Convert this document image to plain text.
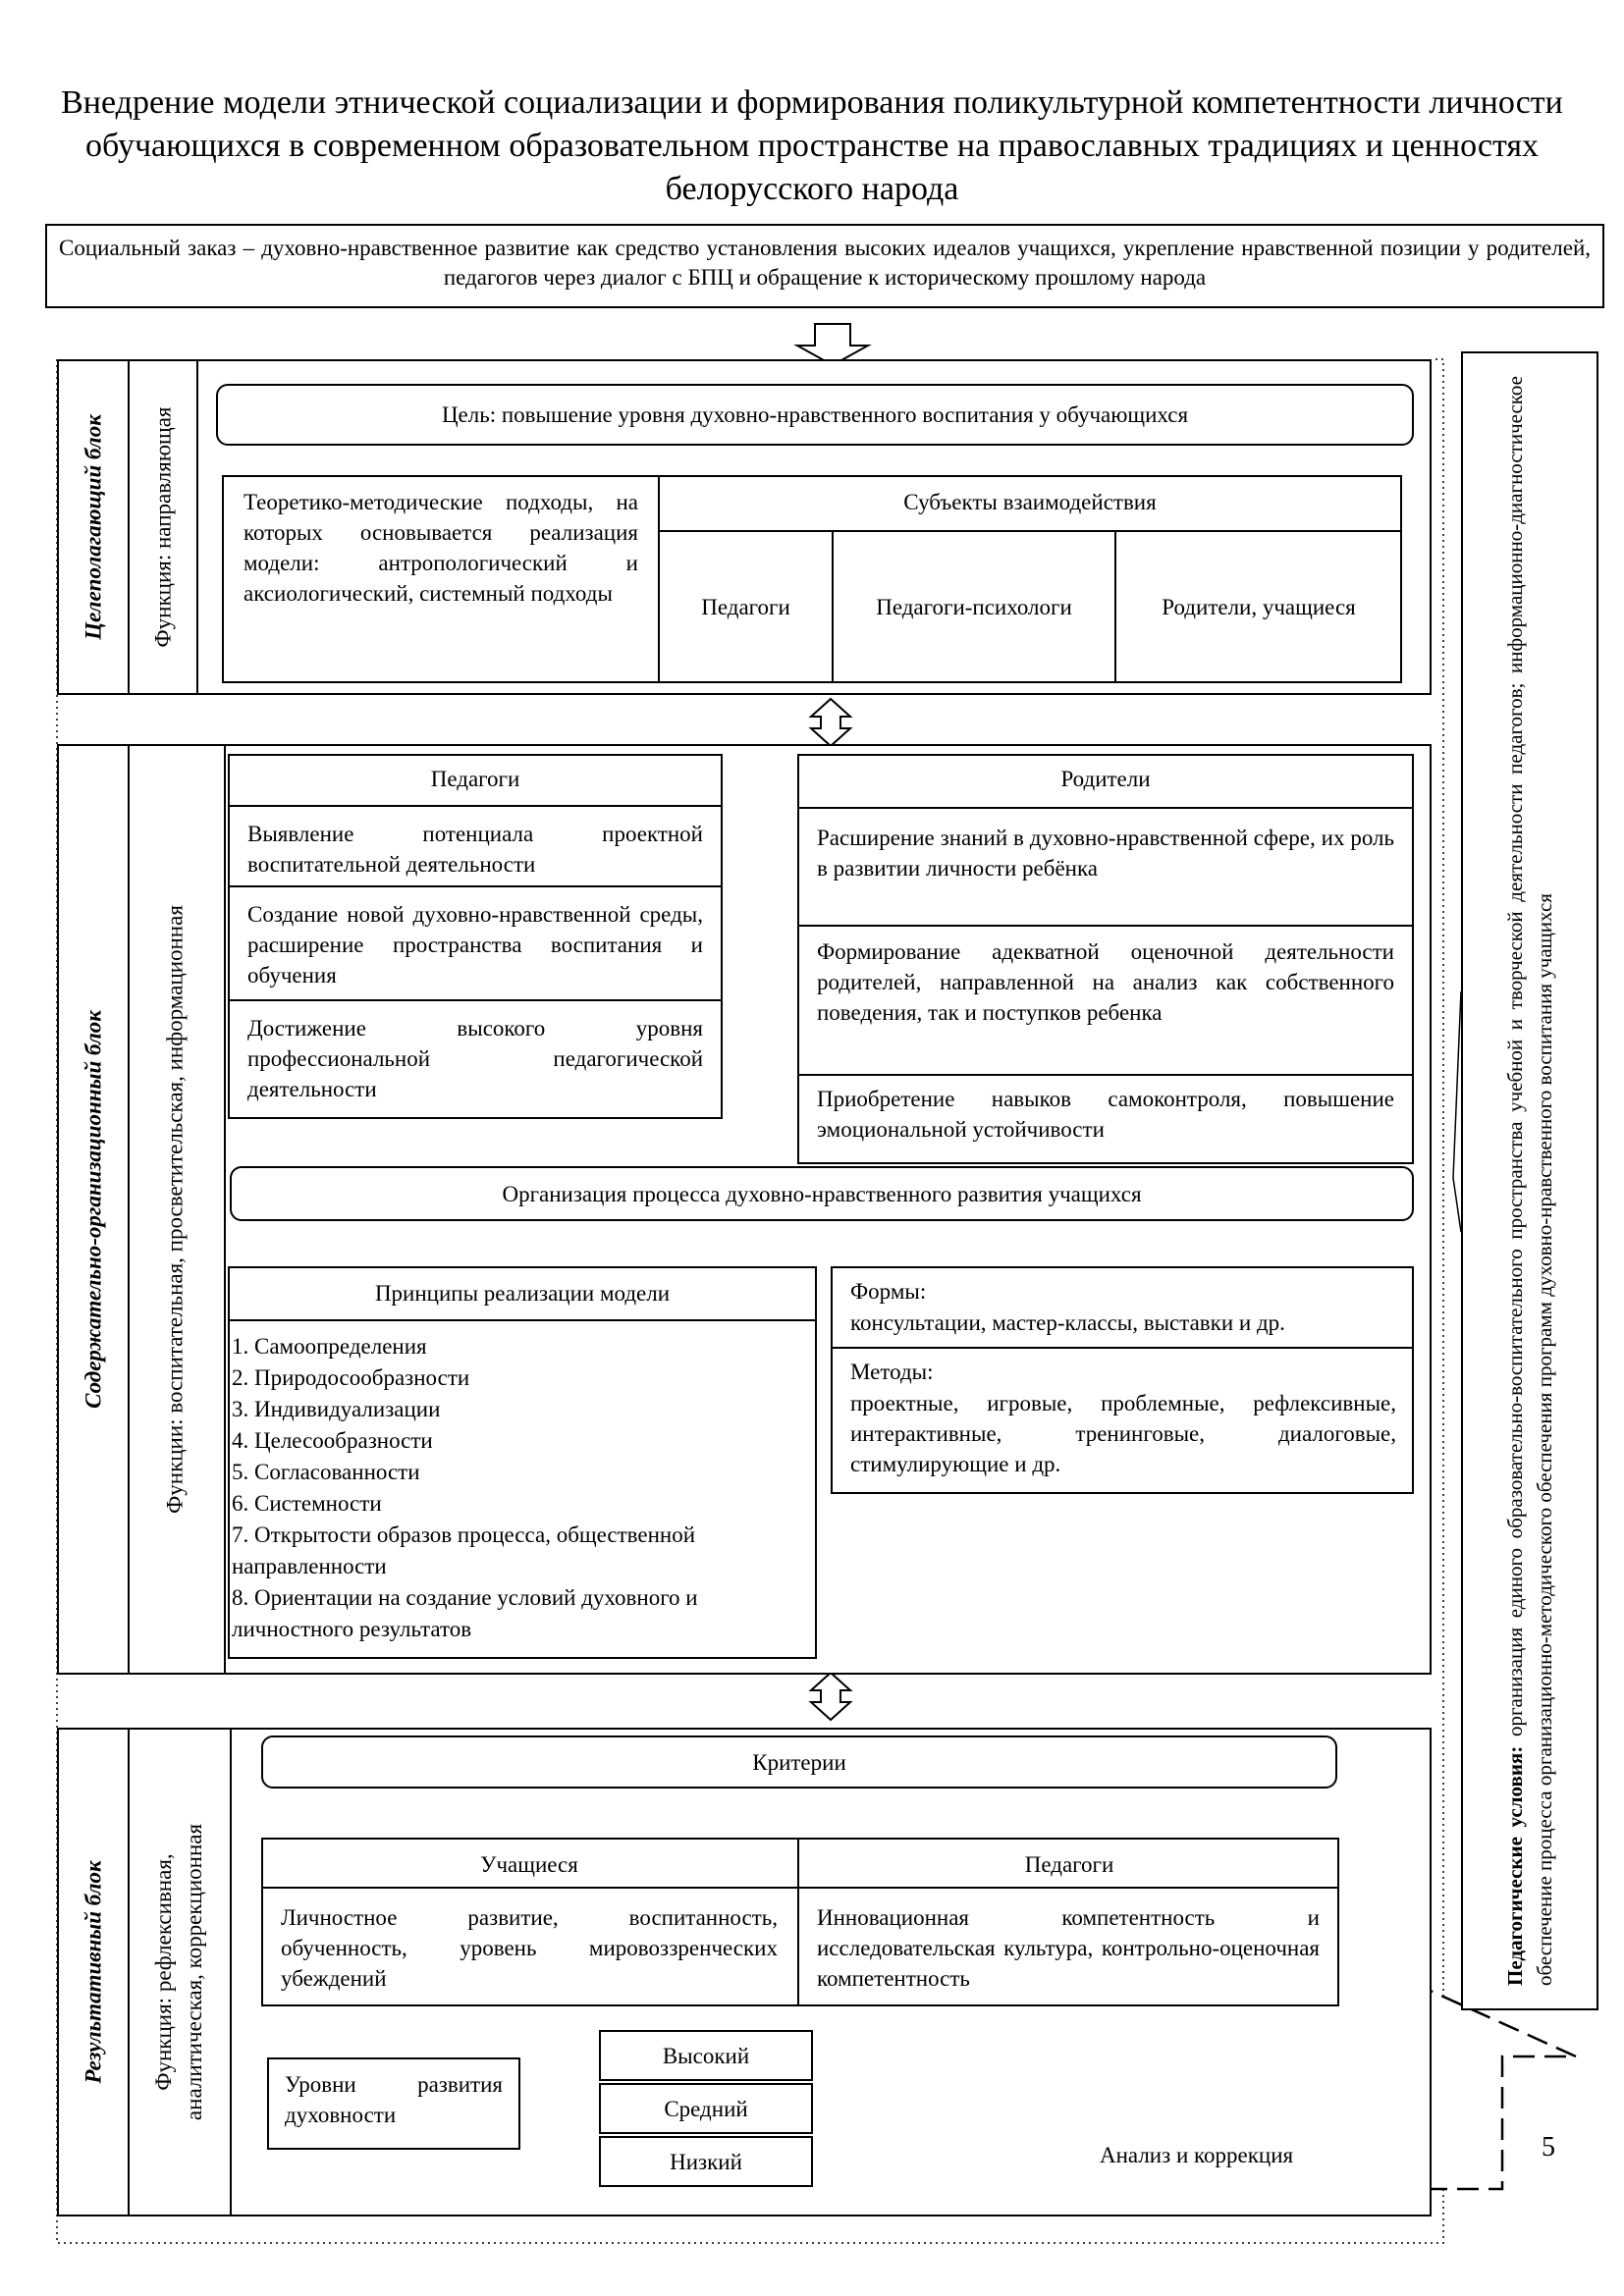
Внедрение модели этнической социализации и формирования поликультурной компетентности личности обучающихся в современном образовательном пространстве на православных традициях и ценностях белорусского народа
Социальный заказ – духовно-нравственное развитие как средство установления высоких идеалов учащихся, укрепление нравственной позиции у родителей, педагогов через диалог с БПЦ и обращение к историческому прошлому народа
Педагогические условия: организация единого образовательно-воспитательного пространства учебной и творческой деятельности педагогов; информационно-диагностическое обеспечение процесса организационно-методического обеспечения программ духовно-нравственного воспитания учащихся
Целеполагающий блок Функция: направляющая	Цель: повышение уровня духовно-нравственного воспитания у обучающихся
Теоретико-методические подходы, на которых основывается реализация модели: антропологический и аксиологический, системный подходы
Субъекты взаимодействия
Педагоги	Педагоги-психологи	Родители, учащиеся
Содержательно-организационный блок	Функции: воспитательная, просветительская, информационная
Педагоги
Выявление потенциала проектной воспитательной деятельности
Создание новой духовно-нравственной среды, расширение пространства воспитания и обучения
Достижение высокого уровня профессиональной педагогической деятельности
Родители
Расширение знаний в духовно-нравственной сфере, их роль в развитии личности ребёнка
Формирование адекватной оценочной деятельности родителей, направленной на анализ как собственного поведения, так и поступков ребенка
Приобретение навыков самоконтроля, повышение эмоциональной устойчивости
Организация процесса духовно-нравственного развития учащихся
Принципы реализации модели
1. Самоопределения
2. Природосообразности
3. Индивидуализации
4. Целесообразности
5. Согласованности
6. Системности
7. Открытости образов процесса, общественной направленности
8. Ориентации на создание условий духовного и личностного результатов
Формы:
консультации, мастер-классы, выставки и др.
Методы:
проектные, игровые, проблемные, рефлексивные, интерактивные, тренинговые, диалоговые, стимулирующие и др.
Результативный блок Функция: рефлексивная, аналитическая, коррекционная
Критерии
Учащиеся	Педагоги
Личностное развитие, воспитанность, обученность, уровень мировоззренческих убеждений
Инновационная компетентность и исследовательская культура, контрольно-оценочная компетентность
Уровни развития духовности
Высокий
Средний
Низкий	Анализ и коррекция	5
